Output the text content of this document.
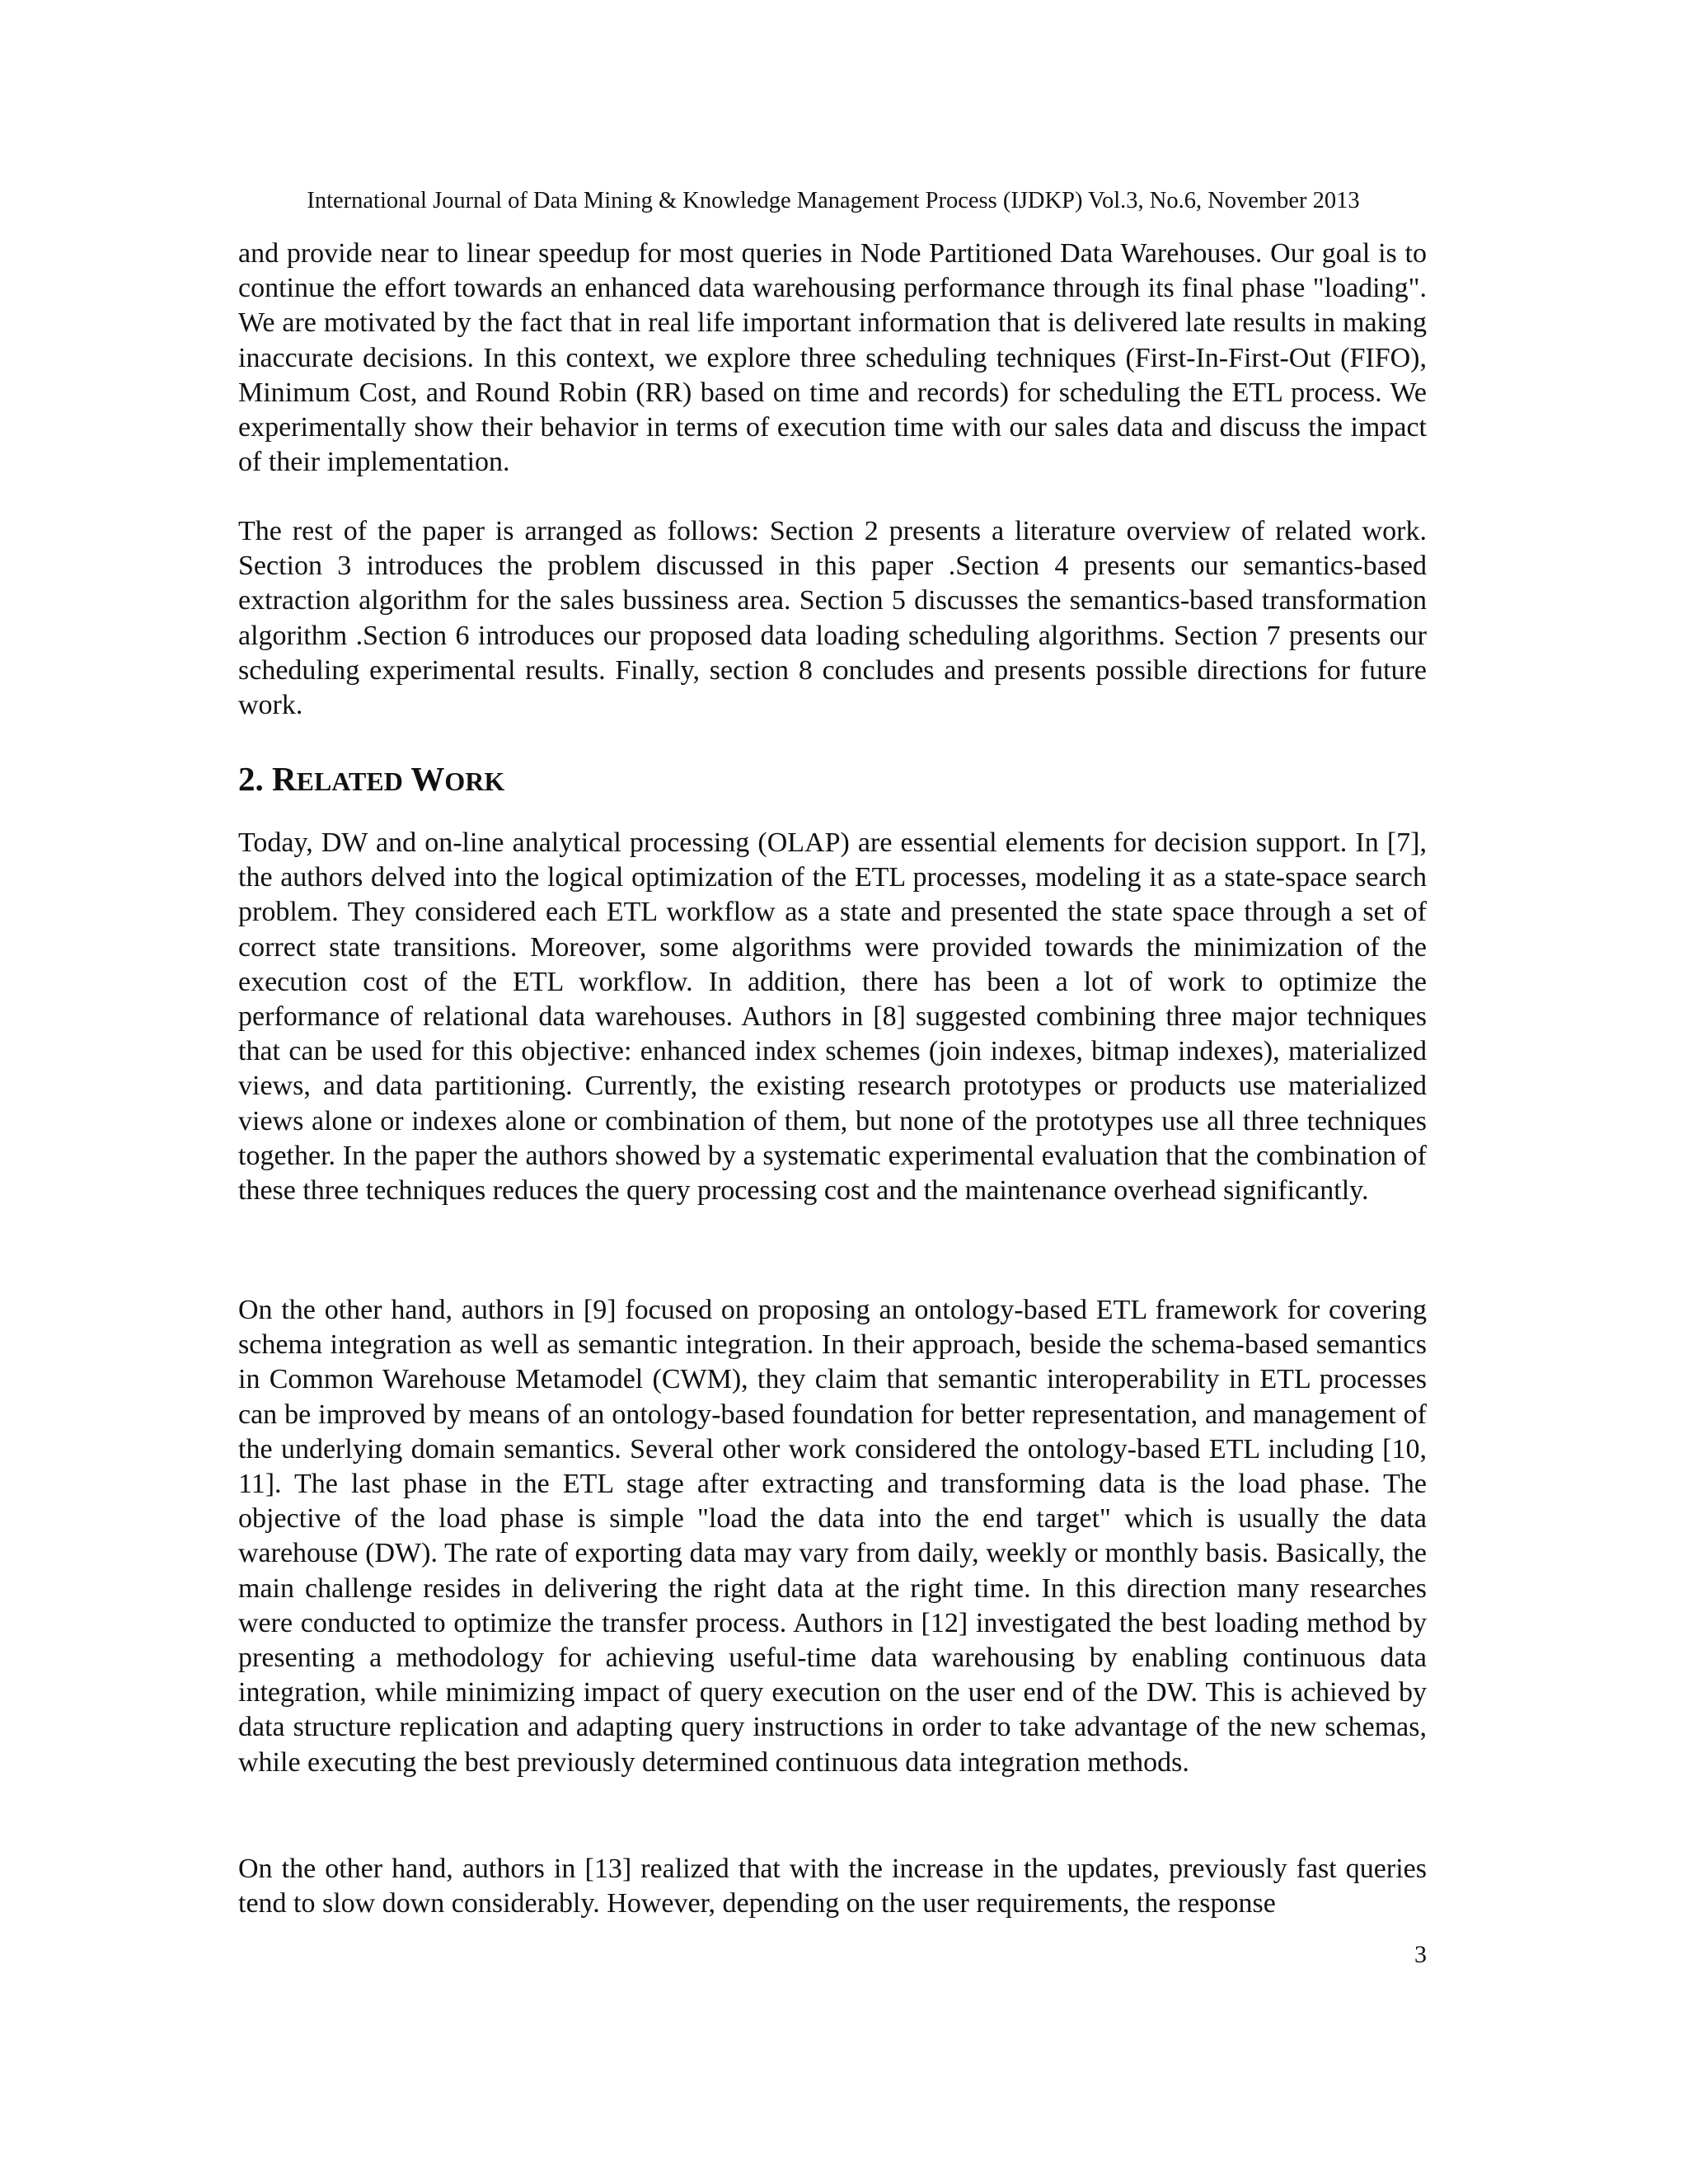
International Journal of Data Mining & Knowledge Management Process (IJDKP) Vol.3, No.6, November 2013

and provide near to linear speedup for most queries in Node Partitioned Data Warehouses. Our goal is to continue the effort towards an enhanced data warehousing performance through its final phase "loading". We are motivated by the fact that in real life important information that is delivered late results in making inaccurate decisions. In this context, we explore three scheduling techniques (First-In-First-Out (FIFO), Minimum Cost, and Round Robin (RR) based on time and records) for scheduling the ETL process. We experimentally show their behavior in terms of execution time with our sales data and discuss the impact of their implementation.

The rest of the paper is arranged as follows: Section 2 presents a literature overview of related work. Section 3 introduces the problem discussed in this paper .Section 4 presents our semantics-based extraction algorithm for the sales bussiness area. Section 5 discusses the semantics-based transformation algorithm .Section 6 introduces our proposed data loading scheduling algorithms. Section 7 presents our scheduling experimental results. Finally, section 8 concludes and presents possible directions for future work.

2. RELATED WORK

Today, DW and on-line analytical processing (OLAP) are essential elements for decision support. In [7], the authors delved into the logical optimization of the ETL processes, modeling it as a state-space search problem. They considered each ETL workflow as a state and presented the state space through a set of correct state transitions. Moreover, some algorithms were provided towards the minimization of the execution cost of the ETL workflow. In addition, there has been a lot of work to optimize the performance of relational data warehouses. Authors in [8] suggested combining three major techniques that can be used for this objective: enhanced index schemes (join indexes, bitmap indexes), materialized views, and data partitioning. Currently, the existing research prototypes or products use materialized views alone or indexes alone or combination of them, but none of the prototypes use all three techniques together. In the paper the authors showed by a systematic experimental evaluation that the combination of these three techniques reduces the query processing cost and the maintenance overhead significantly.

On the other hand, authors in [9] focused on proposing an ontology-based ETL framework for covering schema integration as well as semantic integration. In their approach, beside the schema-based semantics in Common Warehouse Metamodel (CWM), they claim that semantic interoperability in ETL processes can be improved by means of an ontology-based foundation for better representation, and management of the underlying domain semantics. Several other work considered the ontology-based ETL including [10, 11]. The last phase in the ETL stage after extracting and transforming data is the load phase. The objective of the load phase is simple "load the data into the end target" which is usually the data warehouse (DW). The rate of exporting data may vary from daily, weekly or monthly basis. Basically, the main challenge resides in delivering the right data at the right time. In this direction many researches were conducted to optimize the transfer process. Authors in [12] investigated the best loading method by presenting a methodology for achieving useful-time data warehousing by enabling continuous data integration, while minimizing impact of query execution on the user end of the DW. This is achieved by data structure replication and adapting query instructions in order to take advantage of the new schemas, while executing the best previously determined continuous data integration methods.

On the other hand, authors in [13] realized that with the increase in the updates, previously fast queries tend to slow down considerably. However, depending on the user requirements, the response

3
